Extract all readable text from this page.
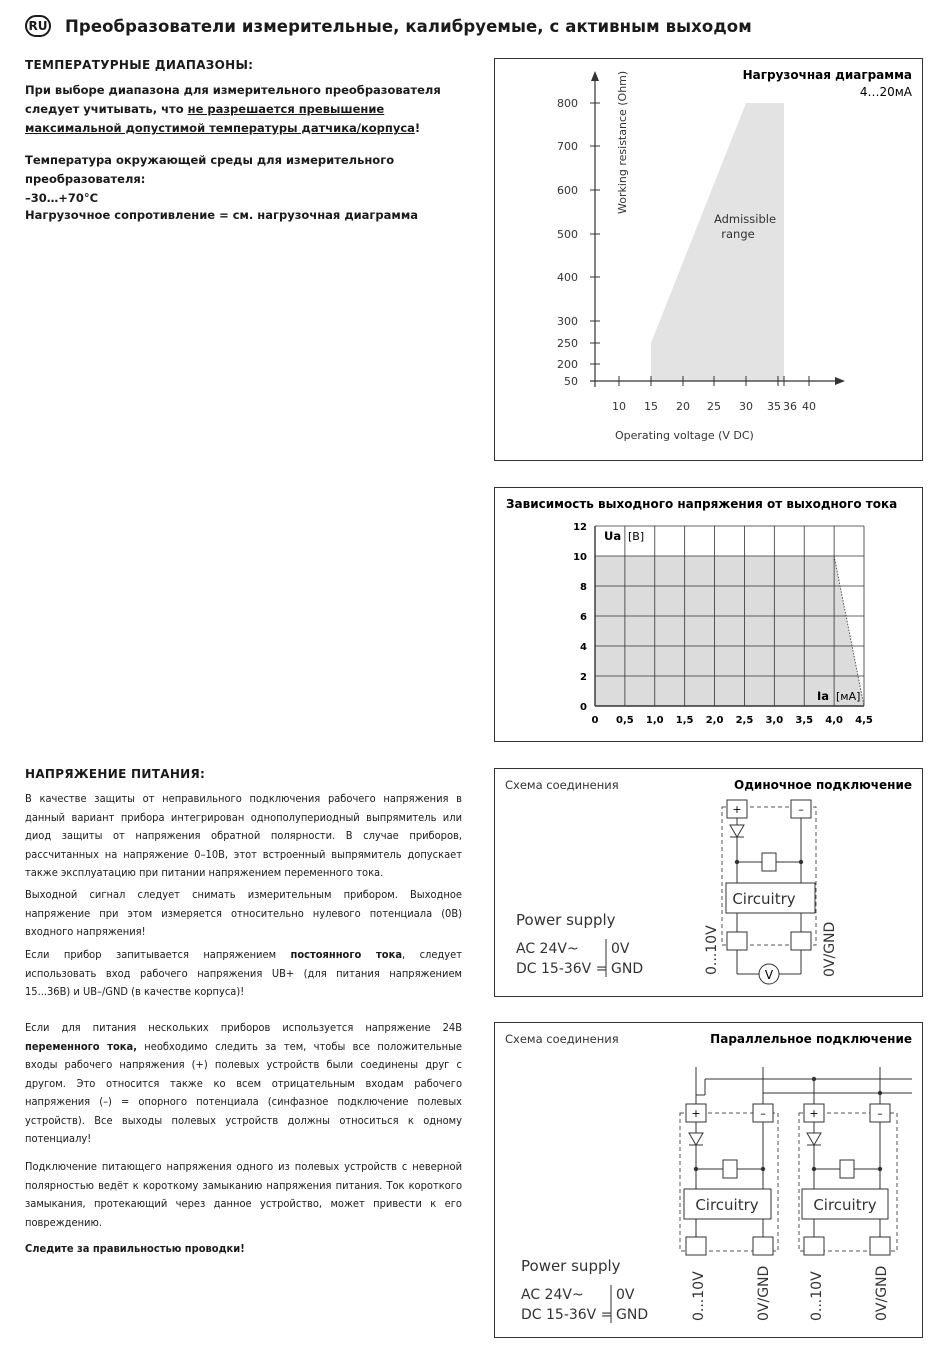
RU Преобразователи измерительные, калибруемые, с активным выходом
ТЕМПЕРАТУРНЫЕ ДИАПАЗОНЫ:
При выборе диапазона для измерительного преобразователя
следует учитывать, что не разрешается превышение
максимальной допустимой температуры датчика/корпуса!
Температура окружающей среды для измерительного преобразователя:
–30…+70°C
Нагрузочное сопротивление = см. нагрузочная диаграмма
Нагрузочная диаграмма
4…20мА
800
700
600
500
400
300
250
200
50
10 15 20 25 30 35 36 40
Working resistance (Ohm)
Operating voltage (V DC)
Admissible
range
Зависимость выходного напряжения от выходного тока
12
10
8
6
4
2
0
0 0,5 1,0 1,5 2,0 2,5 3,0 3,5 4,0 4,5
Ua [В]
Ia [мА]
НАПРЯЖЕНИЕ ПИТАНИЯ:
В качестве защиты от неправильного подключения рабочего напряжения в данный вариант прибора интегрирован однополупериодный выпрямитель или диод защиты от напряжения обратной полярности. В случае приборов, рассчитанных на напряжение 0–10В, этот встроенный выпрямитель допускает также эксплуатацию при питании напряжением переменного тока.
Выходной сигнал следует снимать измерительным прибором. Выходное напряжение при этом измеряется относительно нулевого потенциала (0В) входного напряжения!
Если прибор запитывается напряжением постоянного тока, следует использовать вход рабочего напряжения UB+ (для питания напряжением 15...36В) и UB–/GND (в качестве корпуса)!
Если для питания нескольких приборов используется напряжение 24В переменного тока, необходимо следить за тем, чтобы все положительные входы рабочего напряжения (+) полевых устройств были соединены друг с другом. Это относится также ко всем отрицательным входам рабочего напряжения (–) = опорного потенциала (синфазное подключение полевых устройств). Все выходы полевых устройств должны относиться к одному потенциалу!
Подключение питающего напряжения одного из полевых устройств с неверной полярностью ведёт к короткому замыканию напряжения питания. Ток короткого замыкания, протекающий через данное устройство, может привести к его повреждению.
Следите за правильностью проводки!
Схема соединения	Одиночное подключение
Power supply
AC 24V~
DC 15-36V =
0V
GND
+	–
Circuitry
V
0...10V	0V/GND
Схема соединения	Параллельное подключение
+	–
Circuitry
0...10V	0V/GND
+	–
Circuitry
0...10V	0V/GND
Power supply
AC 24V~
DC 15-36V =
0V
GND
